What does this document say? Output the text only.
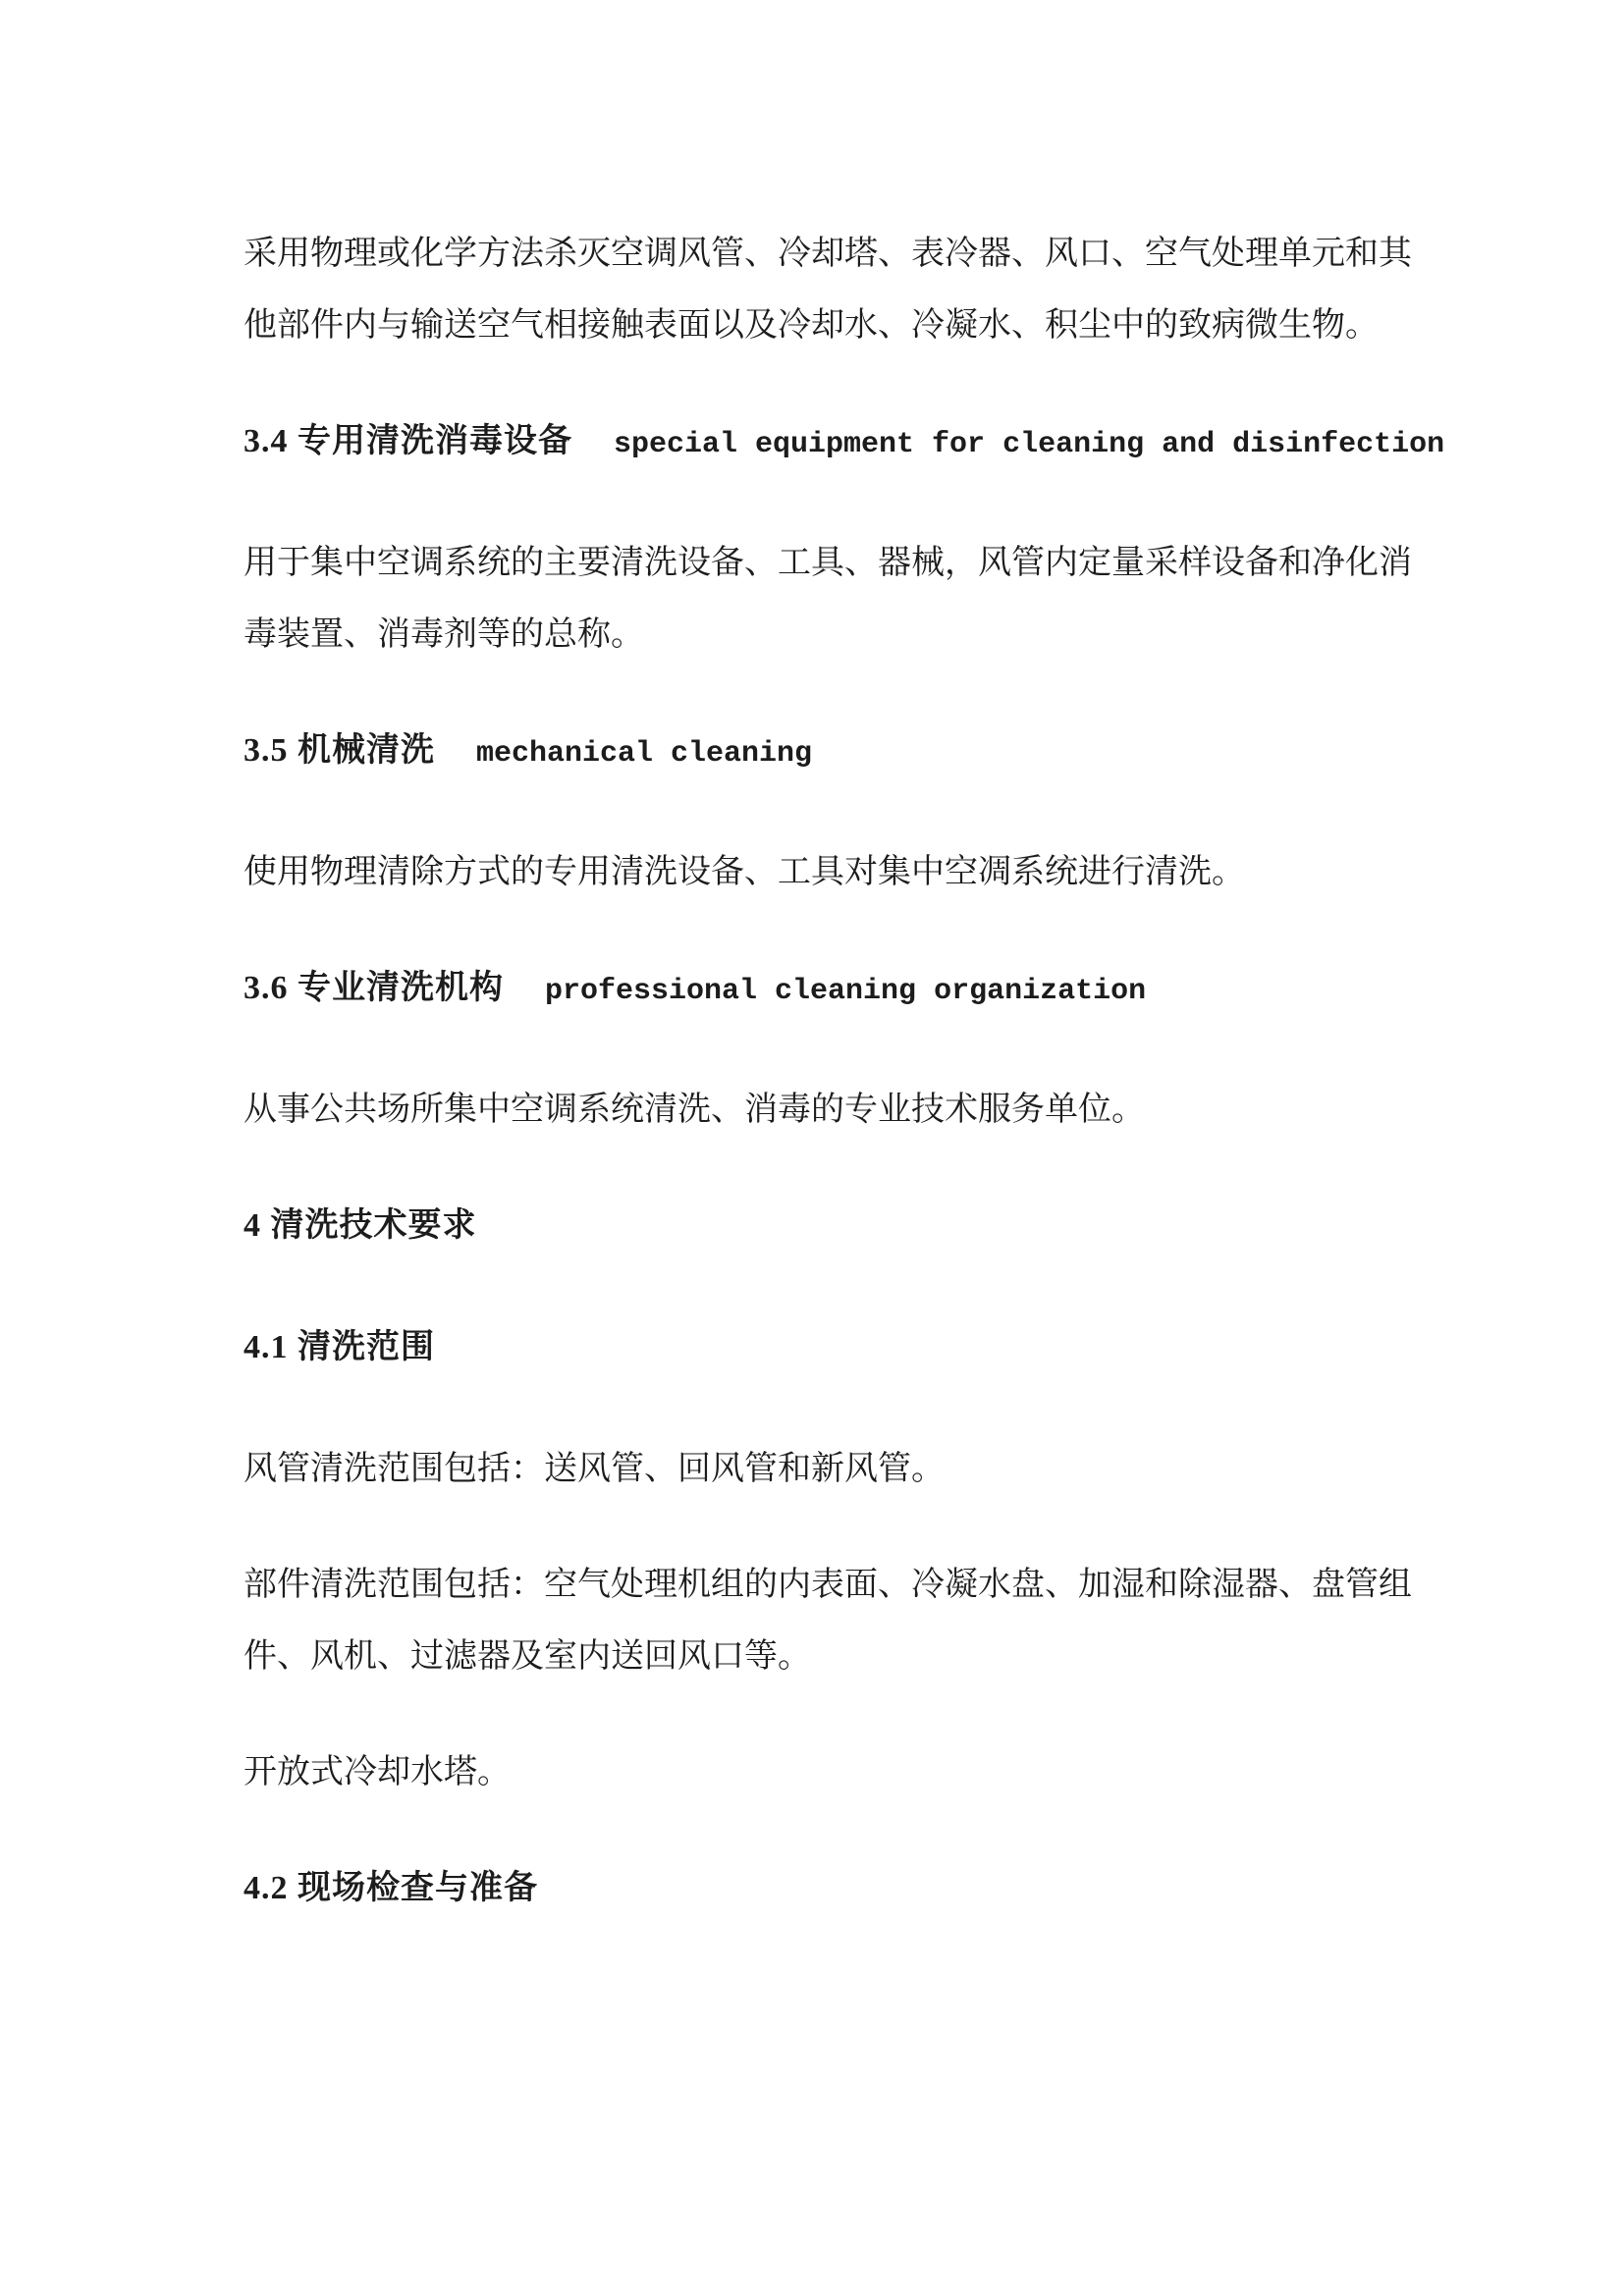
采用物理或化学方法杀灭空调风管、冷却塔、表冷器、风口、空气处理单元和其
他部件内与输送空气相接触表面以及冷却水、冷凝水、积尘中的致病微生物。
3.4 专用清洗消毒设备 special equipment for cleaning and disinfection
用于集中空调系统的主要清洗设备、工具、器械，风管内定量采样设备和净化消
毒装置、消毒剂等的总称。
3.5 机械清洗 mechanical cleaning
使用物理清除方式的专用清洗设备、工具对集中空凋系统进行清洗。
3.6 专业清洗机构 professional cleaning organization
从事公共场所集中空调系统清洗、消毒的专业技术服务单位。
4 清洗技术要求
4.1 清洗范围
风管清洗范围包括：送风管、回风管和新风管。
部件清洗范围包括：空气处理机组的内表面、冷凝水盘、加湿和除湿器、盘管组
件、风机、过滤器及室内送回风口等。
开放式冷却水塔。
4.2 现场检查与准备
